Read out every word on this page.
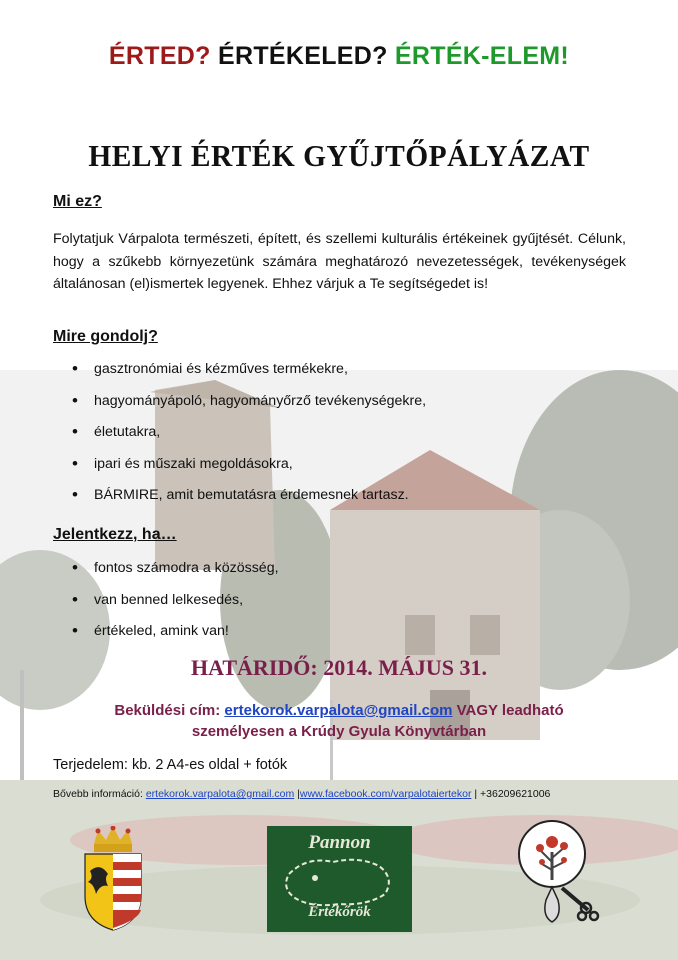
ÉRTED? ÉRTÉKELED? ÉRTÉK-ELEM!
HELYI ÉRTÉK GYŰJTŐPÁLYÁZAT
Mi ez?
Folytatjuk Várpalota természeti, épített, és szellemi kulturális értékeinek gyűjtését. Célunk, hogy a szűkebb környezetünk számára meghatározó nevezetességek, tevékenységek általánosan (el)ismertek legyenek. Ehhez várjuk a Te segítségedet is!
Mire gondolj?
• gasztronómiai és kézműves termékekre,
• hagyományápoló, hagyományőrző tevékenységekre,
• életutakra,
• ipari és műszaki megoldásokra,
• BÁRMIRE, amit bemutatásra érdemesnek tartasz.
Jelentkezz, ha…
• fontos számodra a közösség,
• van benned lelkesedés,
• értékeled, amink van!
HATÁRIDŐ: 2014. MÁJUS 31.
Beküldési cím: ertekorok.varpalota@gmail.com VAGY leadható
személyesen a Krúdy Gyula Könyvtárban
Terjedelem: kb. 2 A4-es oldal + fotók
Bővebb információ: ertekorok.varpalota@gmail.com |www.facebook.com/varpalotaiertekor | +36209621006
Pannon
Értékőrök
